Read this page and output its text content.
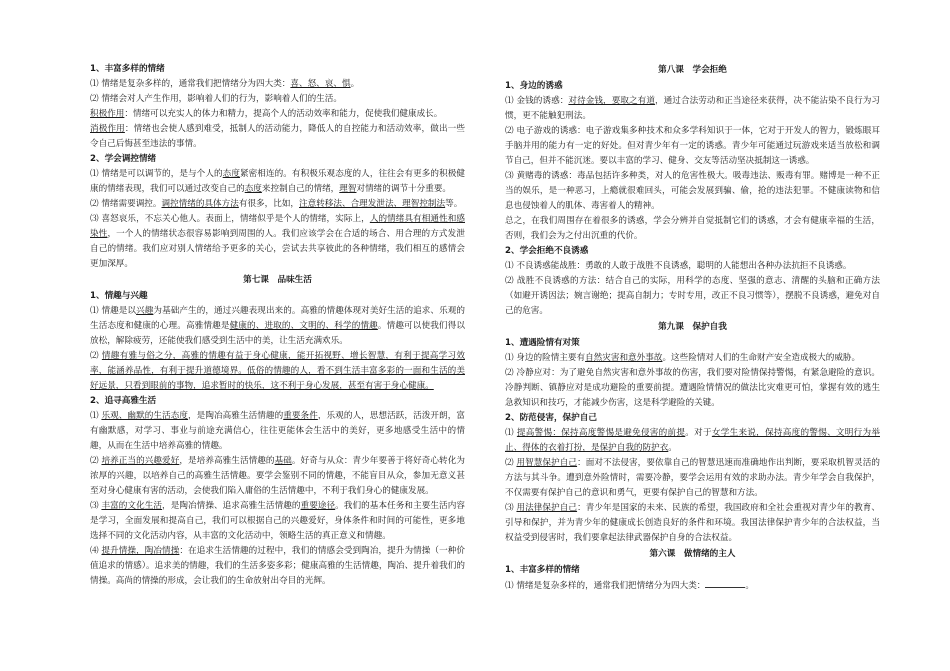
1、丰富多样的情绪

⑴ 情绪是复杂多样的，通常我们把情绪分为四大类：喜、怒、哀、惧。

⑵ 情绪会对人产生作用，影响着人们的行为，影响着人们的生活。

积极作用：情绪可以充实人的体力和精力，提高个人的活动效率和能力，促使我们健康成长。

消极作用：情绪也会使人感到难受，抵制人的活动能力，降低人的自控能力和活动效率，做出一些令自己后悔甚至违法的事情。

2、学会调控情绪

⑴ 情绪是可以调节的，是与个人的态度紧密相连的。有积极乐观态度的人，往往会有更多的积极健康的情绪表现，我们可以通过改变自己的态度来控制自己的情绪，理智对情绪的调节十分重要。

⑵ 情绪需要调控。调控情绪的具体方法有很多，比如，注意转移法、合理发泄法、理智控制法等。

⑶ 喜怒哀乐，不忘关心他人。表面上，情绪似乎是个人的情绪，实际上，人的情绪具有相通性和感染性，一个人的情绪状态很容易影响到周围的人。我们应该学会在合适的场合、用合理的方式发泄自己的情绪。我们应对别人情绪给予更多的关心，尝试去共享彼此的各种情绪，我们相互的感情会更加深厚。

第七课　品味生活

1、情趣与兴趣

⑴ 情趣是以兴趣为基础产生的，通过兴趣表现出来的。高雅的情趣体现对美好生活的追求、乐观的生活态度和健康的心理。高雅情趣是健康的、进取的、文明的、科学的情趣。情趣可以使我们得以放松，解除疲劳，还能使我们感受到生活中的美，让生活充满欢乐。

⑵ 情趣有雅与俗之分，高雅的情趣有益于身心健康，能开拓视野、增长智慧，有利于提高学习效率，能涵养品性，有利于提升道德境界。低俗的情趣的人，看不到生活丰富多彩的一面和生活的美好远景，只看到眼前的事物，追求暂时的快乐，这不利于身心发展，甚至有害于身心健康。

2、追寻高雅生活

⑴ 乐观、幽默的生活态度，是陶冶高雅生活情趣的重要条件，乐观的人，思想活跃，活泼开朗，富有幽默感，对学习、事业与前途充满信心，往往更能体会生活中的美好，更多地感受生活中的情趣，从而在生活中培养高雅的情趣。

⑵ 培养正当的兴趣爱好，是培养高雅生活情趣的基础。好奇与从众：青少年要善于将好奇心转化为浓厚的兴趣，以培养自己的高雅生活情趣。要学会鉴别不同的情趣，不能盲目从众，参加无意义甚至对身心健康有害的活动，会使我们陷入庸俗的生活情趣中，不利于我们身心的健康发展。

⑶ 丰富的文化生活，是陶冶情操、追求高雅生活情趣的重要途径。我们的基本任务和主要生活内容是学习，全面发展和提高自己，我们可以根据自己的兴趣爱好，身体条件和时间的可能性，更多地选择不同的文化活动内容，从丰富的文化活动中，领略生活的真正意义和情趣。

⑷ 提升情操，陶冶情操：在追求生活情趣的过程中，我们的情感会受到陶冶，提升为情操（一种价值追求的情感）。追求美的情趣，我们的生活多姿多彩；健康高雅的生活情趣，陶冶、提升着我们的情操。高尚的情操的形成，会让我们的生命放射出夺目的光辉。

第八课　学会拒绝

1、身边的诱惑

⑴ 金钱的诱惑：对待金钱，要取之有道，通过合法劳动和正当途径来获得，决不能沾染不良行为习惯，更不能触犯刑法。

⑵ 电子游戏的诱惑：电子游戏集多种技术和众多学科知识于一体，它对于开发人的智力，锻炼眼耳手脑并用的能力有一定的好处。但对青少年有一定的诱惑。青少年可能通过玩游戏来适当放松和调节自己，但并不能沉迷。要以丰富的学习、健身、交友等活动坚决抵制这一诱惑。

⑶ 黄赌毒的诱惑：毒品包括许多种类，对人的危害性极大。吸毒违法、贩毒有罪。赌博是一种不正当的娱乐，是一种恶习，上瘾就很难回头，可能会发展到骗、偷，抢的违法犯罪。不健康读物和信息也侵蚀着人的肌体、毒害着人的精神。

总之，在我们周围存在着很多的诱惑，学会分辨并自觉抵制它们的诱惑，才会有健康幸福的生活，否则，我们会为之付出沉重的代价。

2、学会拒绝不良诱惑

⑴ 不良诱惑能战胜：勇敢的人敢于战胜不良诱惑，聪明的人能想出各种办法抗拒不良诱惑。

⑵ 战胜不良诱惑的方法：结合自己的实际，用科学的态度、坚强的意志、清醒的头脑和正确方法（如避开诱因法；婉言谢绝；提高自制力；专时专用，改正不良习惯等），摆脱不良诱惑，避免对自己的危害。

第九课　保护自我

1、遭遇险情有对策

⑴ 身边的险情主要有自然灾害和意外事故。这些险情对人们的生命财产安全造成极大的威胁。

⑵ 冷静应对：为了避免自然灾害和意外事故的伤害，我们要对险情保持警惕，有紧急避险的意识。冷静判断、镇静应对是成功避险的重要前提。遭遇险情情况的做法比灾难更可怕，掌握有效的逃生急救知识和技巧，才能减少伤害，这是科学避险的关键。

2、防范侵害，保护自己

⑴ 提高警惕：保持高度警惕是避免侵害的前提。对于女学生来说，保持高度的警惕、文明行为举止、得体的衣着打扮，是保护自我的防护衣。

⑵ 用智慧保护自己：面对不法侵害，要依靠自己的智慧迅速而准确地作出判断，要采取机智灵活的方法与其斗争。遭到意外险情时，需要冷静，要学会运用有效的求助办法。青少年学会自我保护，不仅需要有保护自己的意识和勇气，更要有保护自己的智慧和方法。

⑶ 用法律保护自己：青少年是国家的未来、民族的希望，我国政府和全社会重视对青少年的教育、引导和保护，并为青少年的健康成长创造良好的条件和环境。我国法律保护青少年的合法权益，当权益受到侵害时，我们要拿起法律武器保护自身的合法权益。

第六课　做情绪的主人

1、丰富多样的情绪

⑴ 情绪是复杂多样的，通常我们把情绪分为四大类：	。
